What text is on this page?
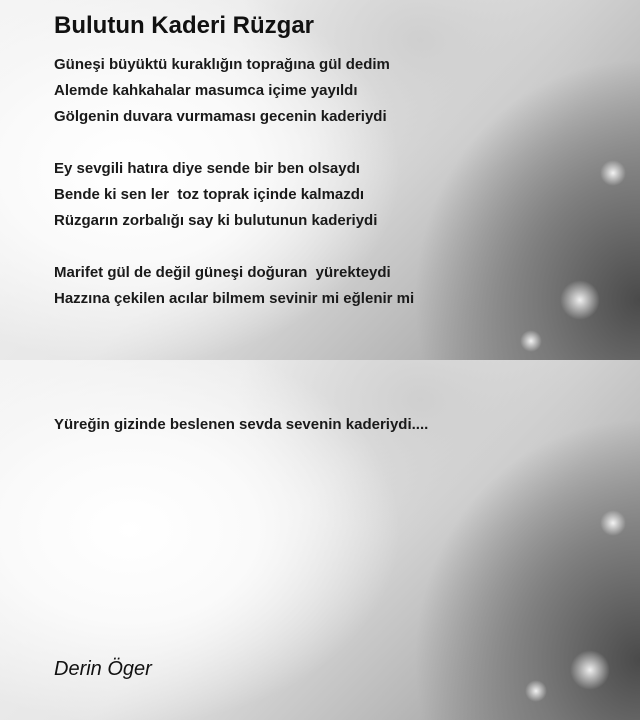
Bulutun Kaderi Rüzgar
Güneşi büyüktü kuraklığın toprağına gül dedim
Alemde kahkahalar masumca içime yayıldı
Gölgenin duvara vurmaması gecenin kaderiydi
Ey sevgili hatıra diye sende bir ben olsaydı
Bende ki sen ler  toz toprak içinde kalmazdı
Rüzgarın zorbalığı say ki bulutunun kaderiydi
Marifet gül de değil güneşi doğuran  yürekteydi
Hazzına çekilen acılar bilmem sevinir mi eğlenir mi
Yüreğin gizinde beslenen sevda sevenin kaderiydi....
Derin Öger
